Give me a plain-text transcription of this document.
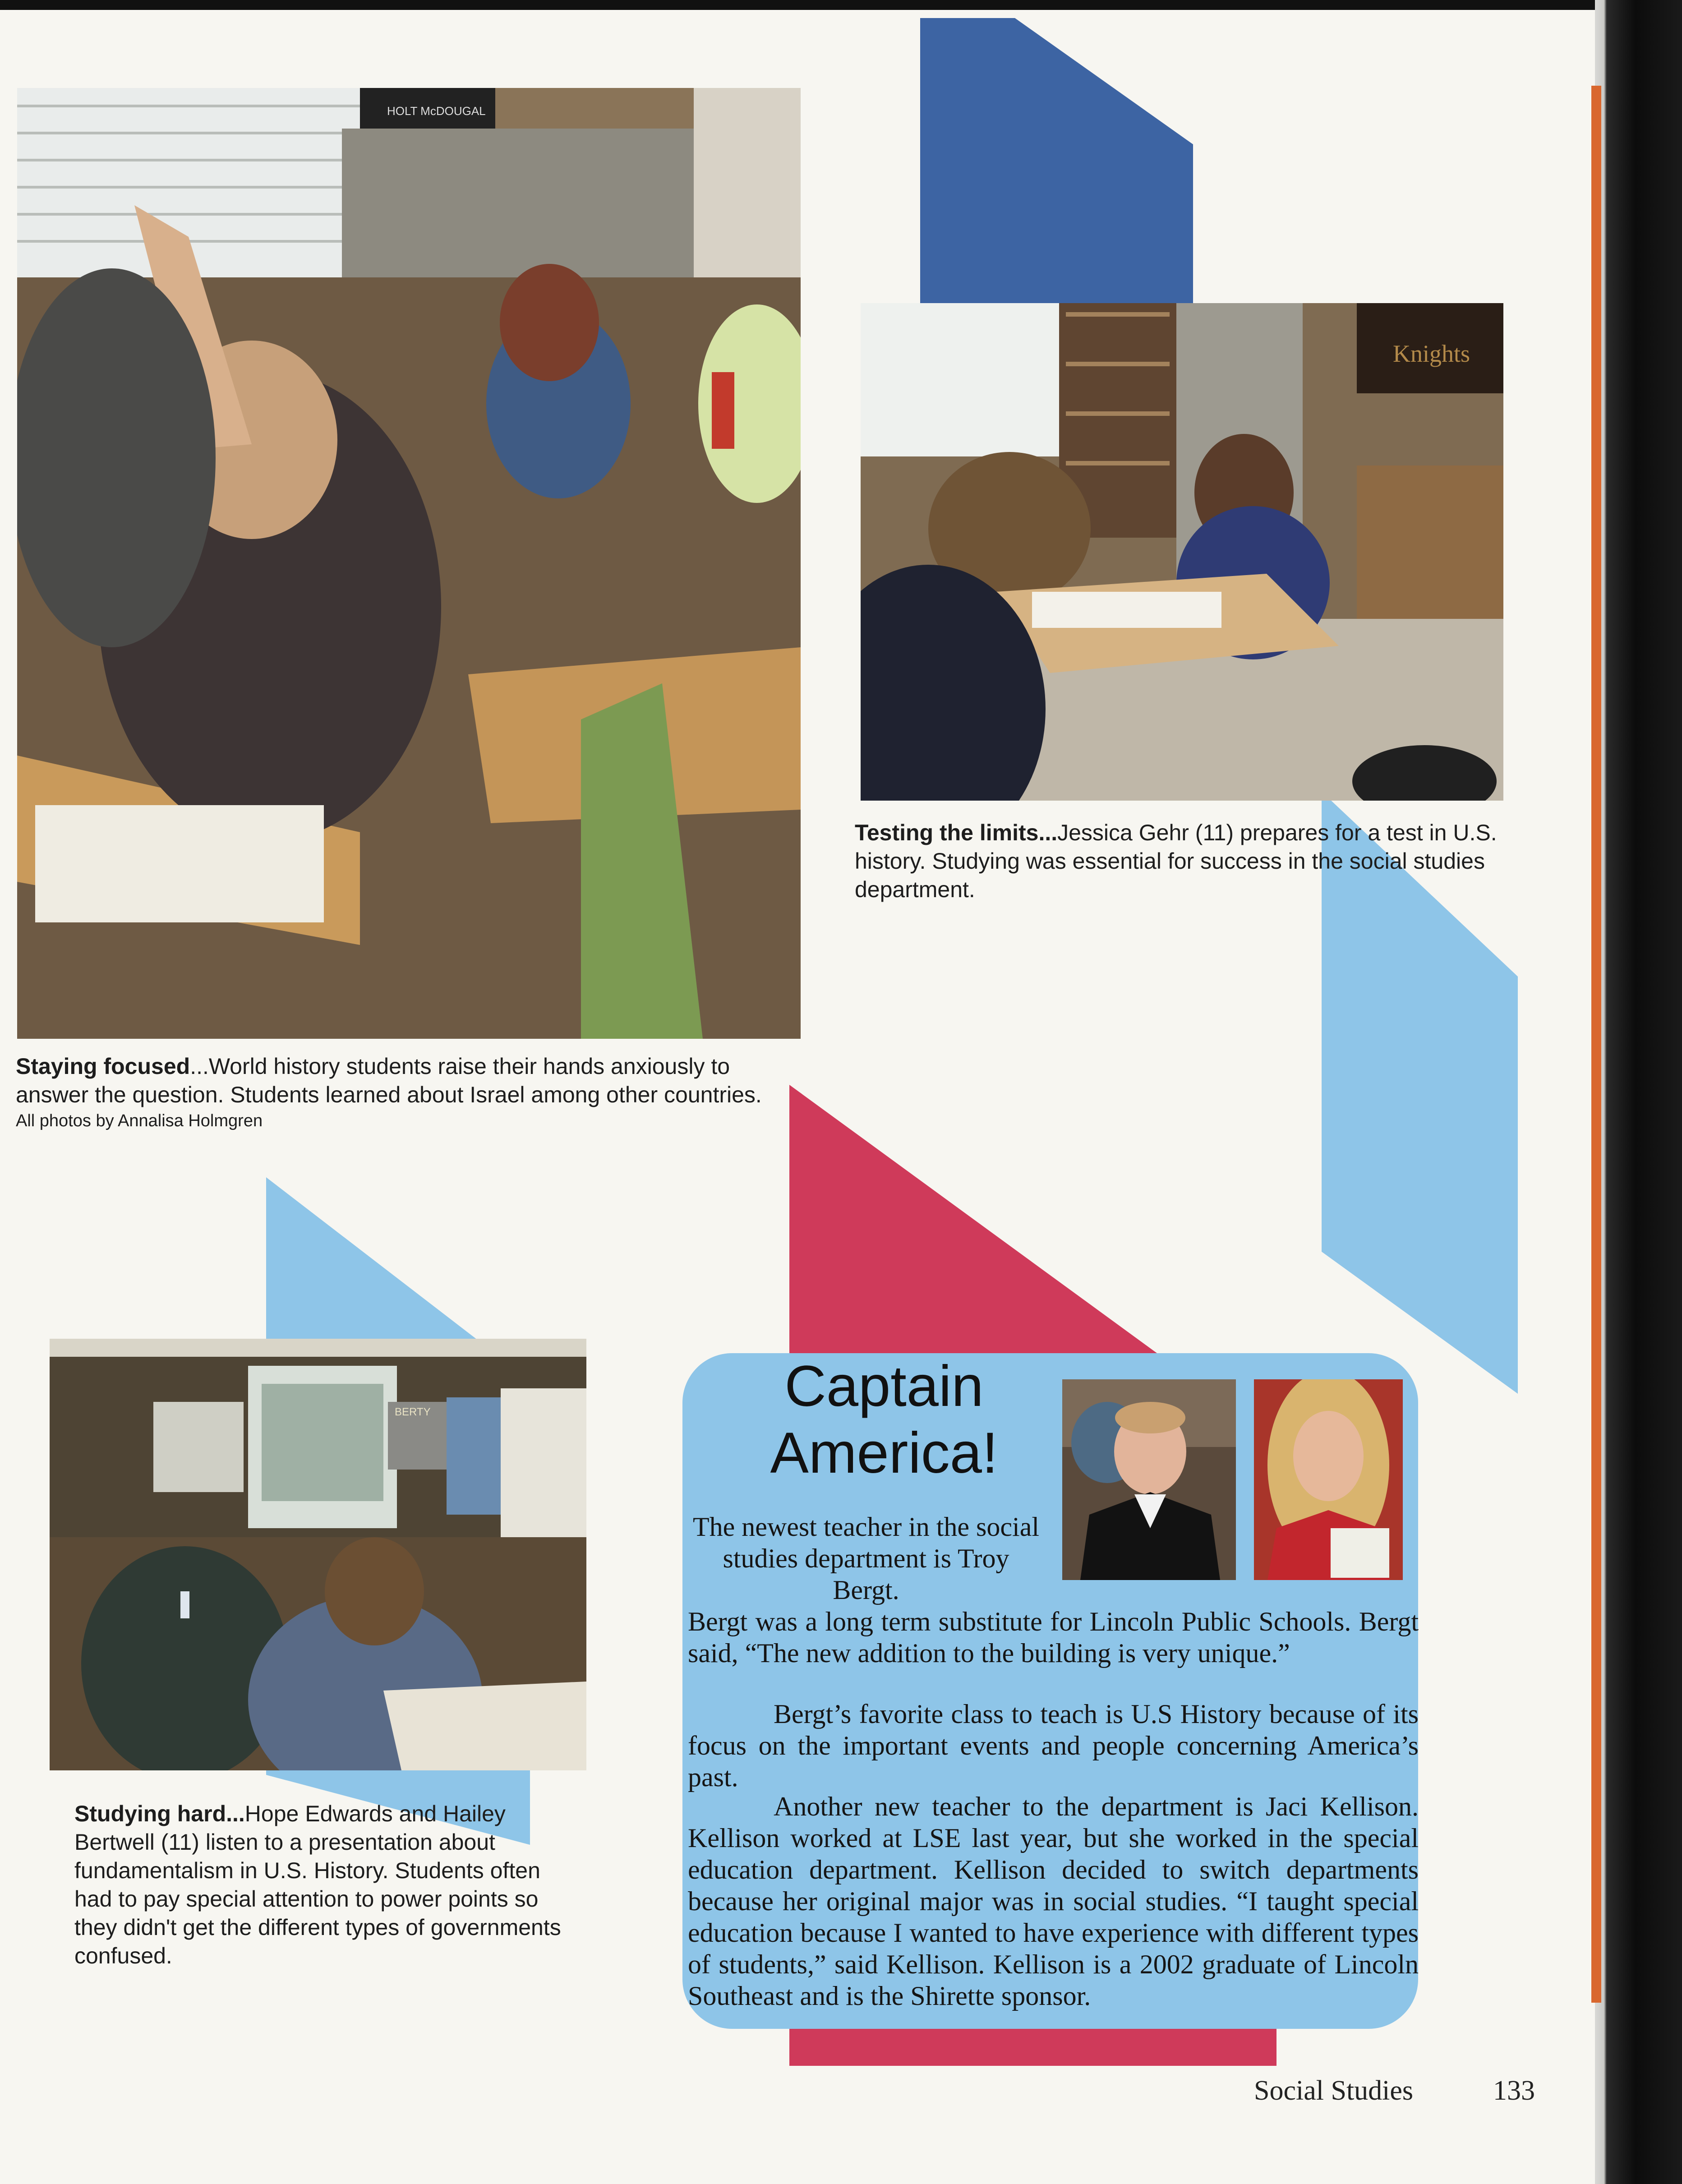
HOLT McDOUGAL
Knights
BERTY
Staying focused...World history students raise their hands anxiously to answer the question. Students learned about Israel among other countries.
All photos by Annalisa Holmgren
Testing the limits...Jessica Gehr (11) prepares for a test in U.S. history. Studying was essential for success in the social studies department.
Studying hard...Hope Edwards and Hailey Bertwell (11) listen to a presentation about fundamentalism in U.S. History. Students often had to pay special attention to power points so they didn't get the different types of governments confused.
Captain
America!

The newest teacher in the social studies department is Troy Bergt.

Bergt was a long term substitute for Lincoln Public Schools. Bergt said, “The new addition to the building is very unique.”

Bergt’s favorite class to teach is U.S History because of its focus on the important events and people concerning America’s past.

Another new teacher to the department is Jaci Kellison. Kellison worked at LSE last year, but she worked in the special education department. Kellison decided to switch departments because her original major was in social studies. “I taught special education because I wanted to have experience with different types of students,” said Kellison. Kellison is a 2002 graduate of Lincoln Southeast and is the Shirette sponsor.

Social Studies	133
